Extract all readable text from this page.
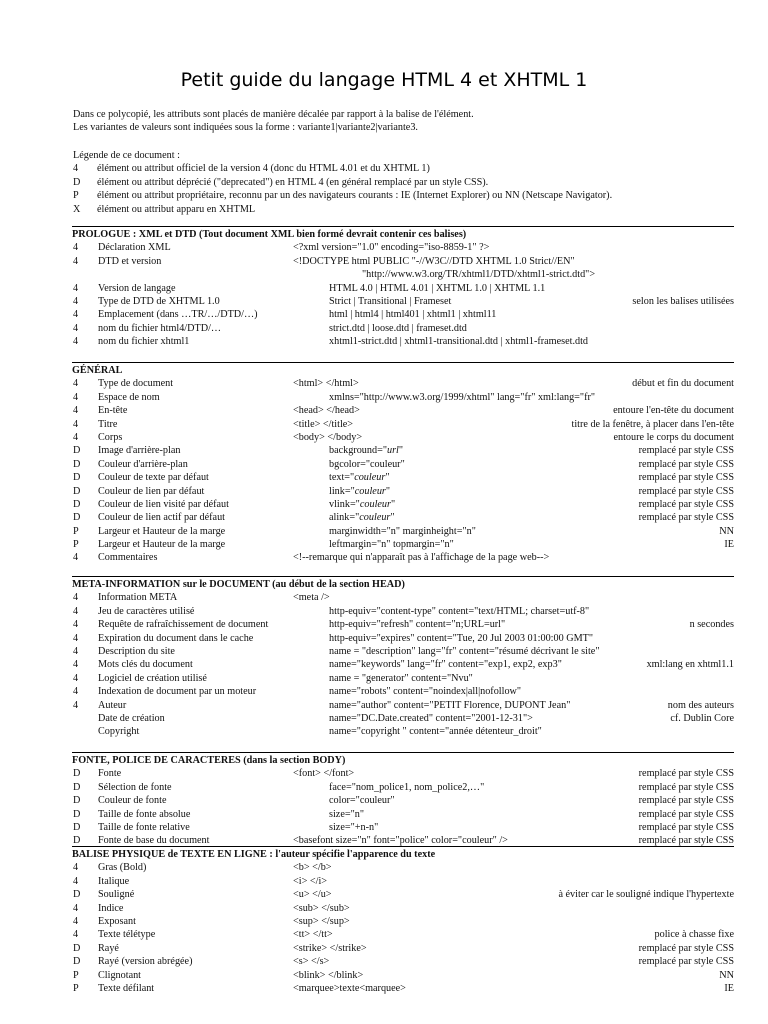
Petit guide du langage HTML 4 et XHTML 1
Dans ce polycopié, les attributs sont placés de manière décalée par rapport à la balise de l'élément.
Les variantes de valeurs sont indiquées sous la forme : variante1|variante2|variante3.
Légende de ce document :
4 élément ou attribut officiel de la version 4 (donc du HTML 4.01 et du XHTML 1)
D élément ou attribut déprécié ("deprecated") en HTML 4 (en général remplacé par un style CSS).
P élément ou attribut propriétaire, reconnu par un des navigateurs courants : IE (Internet Explorer) ou NN (Netscape Navigator).
X élément ou attribut apparu en XHTML
PROLOGUE : XML et DTD (Tout document XML bien formé devrait contenir ces balises)
4 Déclaration XML	<?xml version="1.0" encoding="iso-8859-1" ?>
4 DTD et version	<!DOCTYPE html PUBLIC "-//W3C//DTD XHTML 1.0 Strict//EN"
"http://www.w3.org/TR/xhtml1/DTD/xhtml1-strict.dtd">
4 Version de langage	HTML 4.0 | HTML 4.01 | XHTML 1.0 | XHTML 1.1
4 Type de DTD de XHTML 1.0	Strict | Transitional | Frameset	selon les balises utilisées
4 Emplacement (dans …TR/…/DTD/…)	html | html4 | html401 | xhtml1 | xhtml11
4 nom du fichier html4/DTD/…	strict.dtd | loose.dtd | frameset.dtd
4 nom du fichier xhtml1	xhtml1-strict.dtd | xhtml1-transitional.dtd | xhtml1-frameset.dtd
GÉNÉRAL
4 Type de document	<html> </html>	début et fin du document
4 Espace de nom	xmlns="http://www.w3.org/1999/xhtml" lang="fr" xml:lang="fr"
4 En-tête	<head> </head>	entoure l'en-tête du document
4 Titre	<title> </title>	titre de la fenêtre, à placer dans l'en-tête
4 Corps	<body> </body>	entoure le corps du document
D Image d'arrière-plan	background="url"	remplacé par style CSS
D Couleur d'arrière-plan	bgcolor="couleur"	remplacé par style CSS
D Couleur de texte par défaut	text="couleur"	remplacé par style CSS
D Couleur de lien par défaut	link="couleur"	remplacé par style CSS
D Couleur de lien visité par défaut	vlink="couleur"	remplacé par style CSS
D Couleur de lien actif par défaut	alink="couleur"	remplacé par style CSS
P Largeur et Hauteur de la marge	marginwidth="n" marginheight="n"	NN
P Largeur et Hauteur de la marge	leftmargin="n" topmargin="n"	IE
4 Commentaires	<!--remarque qui n'apparaît pas à l'affichage de la page web-->
META-INFORMATION sur le DOCUMENT (au début de la section HEAD)
4 Information META	<meta />
4 Jeu de caractères utilisé	http-equiv="content-type" content="text/HTML; charset=utf-8"
4 Requête de rafraîchissement de document	http-equiv="refresh" content="n;URL=url"	n secondes
4 Expiration du document dans le cache	http-equiv="expires" content="Tue, 20 Jul 2003 01:00:00 GMT"
4 Description du site	name = "description" lang="fr" content="résumé décrivant le site"
4 Mots clés du document	name="keywords" lang="fr" content="exp1, exp2, exp3"	xml:lang en xhtml1.1
4 Logiciel de création utilisé	name = "generator" content="Nvu"
4 Indexation de document par un moteur	name="robots" content="noindex|all|nofollow"
4 Auteur	name="author" content="PETIT Florence, DUPONT Jean"	nom des auteurs
Date de création	name="DC.Date.created" content="2001-12-31">	cf. Dublin Core
Copyright	name="copyright " content="année détenteur_droit"
FONTE, POLICE DE CARACTERES (dans la section BODY)
D Fonte	<font> </font>	remplacé par style CSS
D Sélection de fonte	face="nom_police1, nom_police2,…"	remplacé par style CSS
D Couleur de fonte	color="couleur"	remplacé par style CSS
D Taille de fonte absolue	size="n"	remplacé par style CSS
D Taille de fonte relative	size="+n-n"	remplacé par style CSS
D Fonte de base du document	<basefont size="n" font="police" color="couleur" />	remplacé par style CSS
BALISE PHYSIQUE de TEXTE EN LIGNE : l'auteur spécifie l'apparence du texte
4 Gras (Bold)	<b> </b>
4 Italique	<i> </i>
D Souligné	<u> </u>	à éviter car le souligné indique l'hypertexte
4 Indice	<sub> </sub>
4 Exposant	<sup> </sup>
4 Texte télétype	<tt> </tt>	police à chasse fixe
D Rayé	<strike> </strike>	remplacé par style CSS
D Rayé (version abrégée)	<s> </s>	remplacé par style CSS
P Clignotant	<blink> </blink>	NN
P Texte défilant	<marquee>texte<marquee>	IE
